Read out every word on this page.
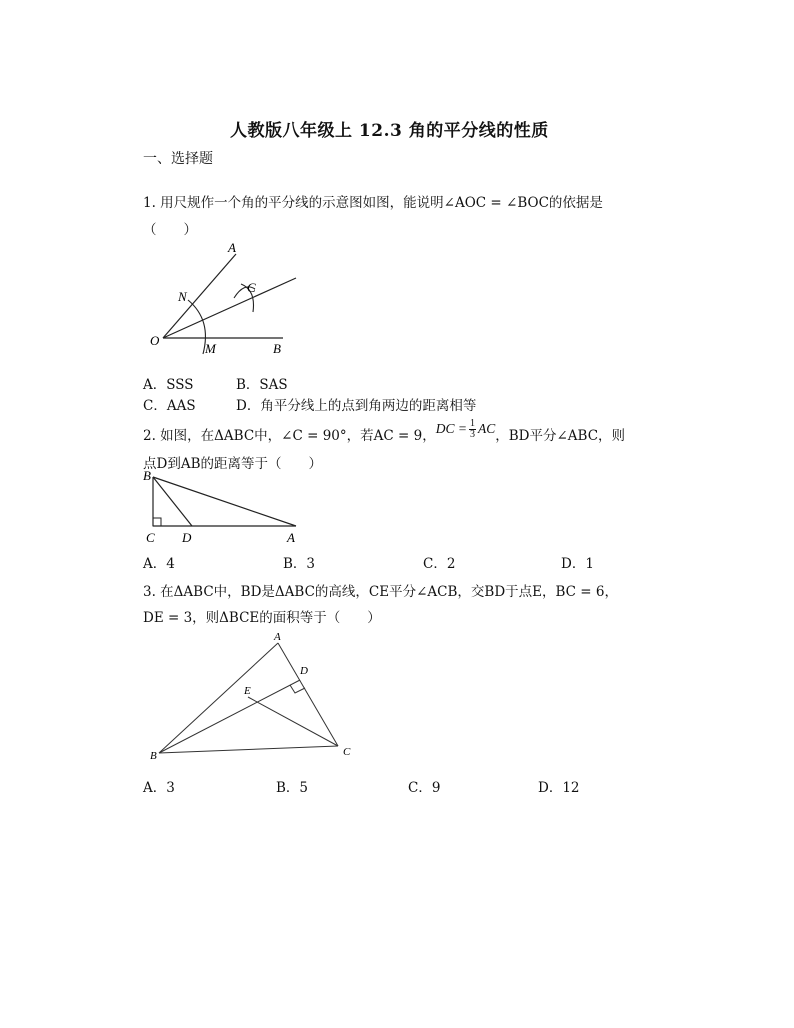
人教版八年级上 12.3 角的平分线的性质
一、选择题
1. 用尺规作一个角的平分线的示意图如图，能说明∠AOC = ∠BOC的依据是
（　　）
A
C
N
O
M	B
A．SSS	B．SAS
C．AAS	D．角平分线上的点到角两边的距离相等
2. 如图，在ΔABC中，∠C = 90°，若AC = 9， DC = $\frac{1}{3}$ AC ，BD平分∠ABC，则
点D到AB的距离等于（　　）
B
C D	A
A．4	B．3	C．2	D．1
3. 在ΔABC中，BD是ΔABC的高线，CE平分∠ACB，交BD于点E，BC = 6，
DE = 3，则ΔBCE的面积等于（　　）
A
D
E
B	C
A．3	B．5	C．9	D．12
